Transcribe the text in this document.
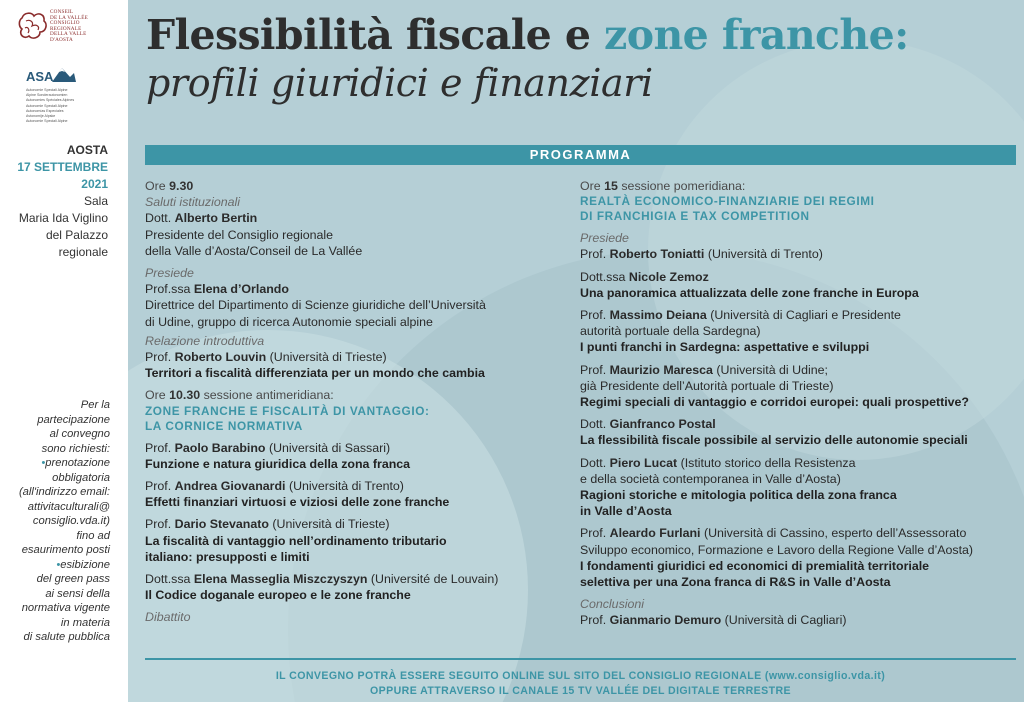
CONSEIL
DE LA VALLÉE
CONSIGLIO
REGIONALE
DELLA VALLE
D'AOSTA
ASA
Autonomie Speciali Alpine
Alpine Sonderautonomien
Autonomies Spéciales Alpines
Autonomie Speciali Alpine
Autonomías Especiales
Avtonomije Alpske
Autonomie Speciali Alpine
AOSTA
17 SETTEMBRE
2021
Sala
Maria Ida Viglino
del Palazzo
regionale
Per la
partecipazione
al convegno
sono richiesti:
•prenotazione
obbligatoria
(all'indirizzo email:
attivitaculturali@
consiglio.vda.it)
fino ad
esaurimento posti
•esibizione
del green pass
ai sensi della
normativa vigente
in materia
di salute pubblica
Flessibilità fiscale e zone franche:
profili giuridici e finanziari
PROGRAMMA
Ore 9.30
Saluti istituzionali
Dott. Alberto Bertin
Presidente del Consiglio regionale
della Valle d’Aosta/Conseil de La Vallée
Presiede
Prof.ssa Elena d’Orlando
Direttrice del Dipartimento di Scienze giuridiche dell’Università
di Udine, gruppo di ricerca Autonomie speciali alpine
Relazione introduttiva
Prof. Roberto Louvin (Università di Trieste)
Territori a fiscalità differenziata per un mondo che cambia
Ore 10.30 sessione antimeridiana:
ZONE FRANCHE E FISCALITÀ DI VANTAGGIO:
LA CORNICE NORMATIVA
Prof. Paolo Barabino (Università di Sassari)
Funzione e natura giuridica della zona franca
Prof. Andrea Giovanardi (Università di Trento)
Effetti finanziari virtuosi e viziosi delle zone franche
Prof. Dario Stevanato (Università di Trieste)
La fiscalità di vantaggio nell’ordinamento tributario
italiano: presupposti e limiti
Dott.ssa Elena Masseglia Miszczyszyn (Université de Louvain)
Il Codice doganale europeo e le zone franche
Dibattito
Ore 15 sessione pomeridiana:
REALTÀ ECONOMICO-FINANZIARIE DEI REGIMI
DI FRANCHIGIA E TAX COMPETITION
Presiede
Prof. Roberto Toniatti (Università di Trento)
Dott.ssa Nicole Zemoz
Una panoramica attualizzata delle zone franche in Europa
Prof. Massimo Deiana (Università di Cagliari e Presidente
autorità portuale della Sardegna)
I punti franchi in Sardegna: aspettative e sviluppi
Prof. Maurizio Maresca (Università di Udine;
già Presidente dell’Autorità portuale di Trieste)
Regimi speciali di vantaggio e corridoi europei: quali prospettive?
Dott. Gianfranco Postal
La flessibilità fiscale possibile al servizio delle autonomie speciali
Dott. Piero Lucat (Istituto storico della Resistenza
e della società contemporanea in Valle d’Aosta)
Ragioni storiche e mitologia politica della zona franca
in Valle d’Aosta
Prof. Aleardo Furlani (Università di Cassino, esperto dell’Assessorato
Sviluppo economico, Formazione e Lavoro della Regione Valle d’Aosta)
I fondamenti giuridici ed economici di premialità territoriale
selettiva per una Zona franca di R&S in Valle d’Aosta
Conclusioni
Prof. Gianmario Demuro (Università di Cagliari)
IL CONVEGNO POTRÀ ESSERE SEGUITO ONLINE SUL SITO DEL CONSIGLIO REGIONALE (www.consiglio.vda.it)
OPPURE ATTRAVERSO IL CANALE 15 TV VALLÉE DEL DIGITALE TERRESTRE
